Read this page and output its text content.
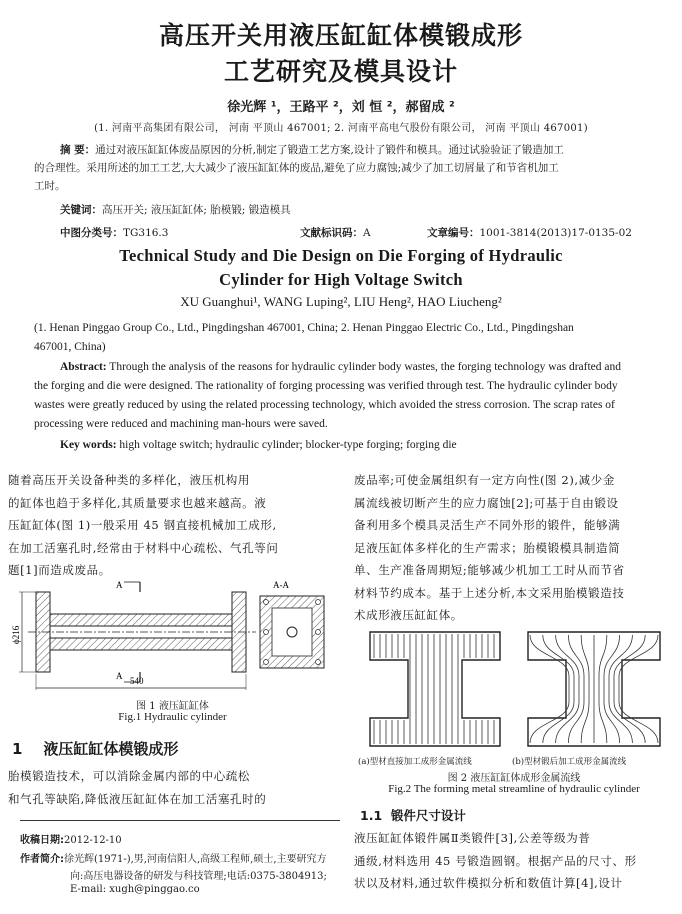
高压开关用液压缸缸体模锻成形
工艺研究及模具设计
徐光辉 ¹，王路平 ²，刘 恒 ²，郝留成 ²
(1. 河南平高集团有限公司， 河南 平顶山 467001; 2. 河南平高电气股份有限公司， 河南 平顶山 467001)
摘 要：通过对液压缸缸体废品原因的分析,制定了锻造工艺方案,设计了锻件和模具。通过试验验证了锻造加工
的合理性。采用所述的加工工艺,大大减少了液压缸缸体的废品,避免了应力腐蚀;减少了加工切屑量了和节省机加工
工时。
关键词：高压开关; 液压缸缸体; 胎模锻; 锻造模具
中图分类号：TG316.3	文献标识码：A	文章编号：1001-3814(2013)17-0135-02
Technical Study and Die Design on Die Forging of Hydraulic
Cylinder for High Voltage Switch
XU Guanghui¹, WANG Luping², LIU Heng², HAO Liucheng²
(1. Henan Pinggao Group Co., Ltd., Pingdingshan 467001, China; 2. Henan Pinggao Electric Co., Ltd., Pingdingshan
467001, China)
Abstract: Through the analysis of the reasons for hydraulic cylinder body wastes, the forging technology was drafted and
the forging and die were designed. The rationality of forging processing was verified through test. The hydraulic cylinder body
wastes were greatly reduced by using the related processing technology, which avoided the stress corrosion. The scrap rates of
processing were reduced and machining man-hours were saved.
Key words: high voltage switch; hydraulic cylinder; blocker-type forging; forging die
随着高压开关设备种类的多样化，液压机构用
的缸体也趋于多样化,其质量要求也越来越高。液
压缸缸体(图 1)一般采用 45 钢直接机械加工成形,
在加工活塞孔时,经常由于材料中心疏松、气孔等问
题[1]而造成废品。
A
A
ϕ216
540
A-A
图 1 液压缸缸体
Fig.1 Hydraulic cylinder
1 液压缸缸体模锻成形
胎模锻造技术，可以消除金属内部的中心疏松
和气孔等缺陷,降低液压缸缸体在加工活塞孔时的
收稿日期:2012-12-10
作者简介:徐光辉(1971-),男,河南信阳人,高级工程师,硕士,主要研究方
向:高压电器设备的研发与科技管理;电话:0375-3804913;
E-mail: xugh@pinggao.co
废品率;可使金属组织有一定方向性(图 2),减少金
属流线被切断产生的应力腐蚀[2];可基于自由锻设
备利用多个模具灵活生产不同外形的锻件，能够满
足液压缸体多样化的生产需求；胎模锻模具制造简
单、生产准备周期短;能够减少机加工工时从而节省
材料节约成本。基于上述分析,本文采用胎模锻造技
术成形液压缸缸体。
(a)型材直接加工成形金属流线	(b)型材锻后加工成形金属流线
图 2 液压缸缸体成形金属流线
Fig.2 The forming metal streamline of hydraulic cylinder
1.1 锻件尺寸设计
液压缸缸体锻件属Ⅱ类锻件[3],公差等级为普
通级,材料选用 45 号锻造圆钢。根据产品的尺寸、形
状以及材料,通过软件模拟分析和数值计算[4],设计
